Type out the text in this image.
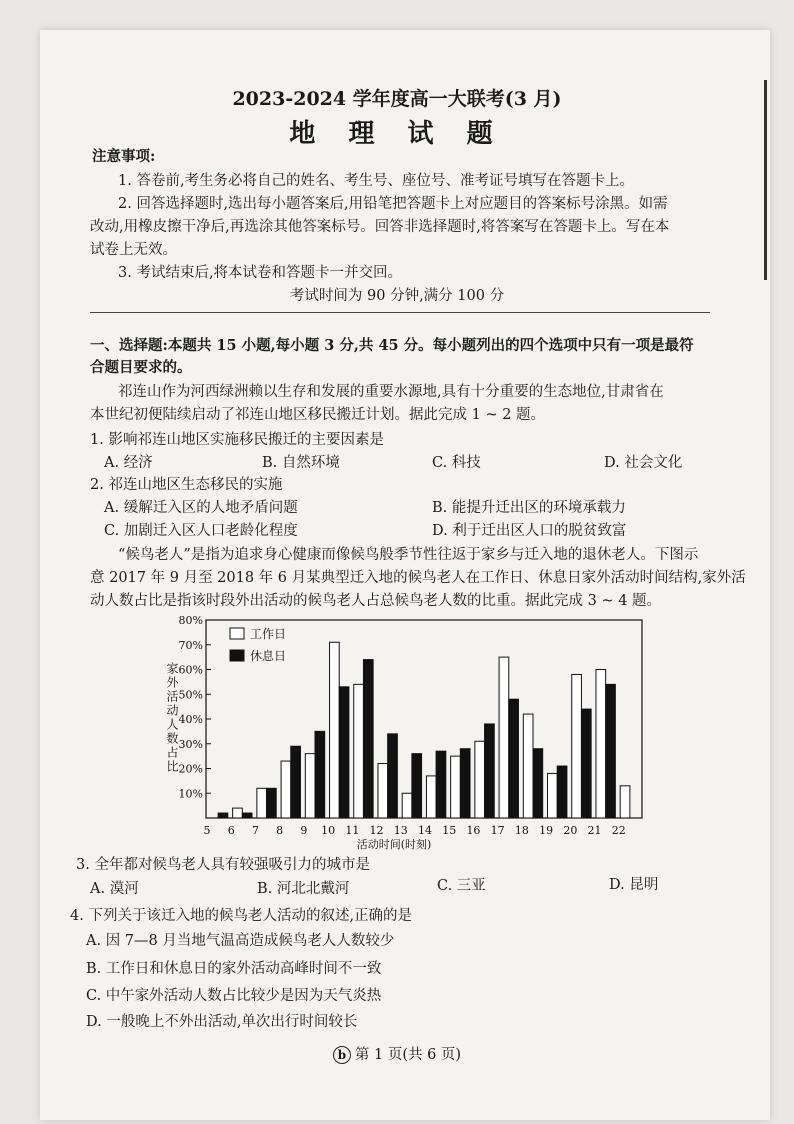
2023-2024 学年度高一大联考(3 月)
地 理 试 题
注意事项:
1. 答卷前,考生务必将自己的姓名、考生号、座位号、准考证号填写在答题卡上。
2. 回答选择题时,选出每小题答案后,用铅笔把答题卡上对应题目的答案标号涂黑。如需
改动,用橡皮擦干净后,再选涂其他答案标号。回答非选择题时,将答案写在答题卡上。写在本
试卷上无效。
3. 考试结束后,将本试卷和答题卡一并交回。
考试时间为 90 分钟,满分 100 分
一、选择题:本题共 15 小题,每小题 3 分,共 45 分。每小题列出的四个选项中只有一项是最符
合题目要求的。
祁连山作为河西绿洲赖以生存和发展的重要水源地,具有十分重要的生态地位,甘肃省在
本世纪初便陆续启动了祁连山地区移民搬迁计划。据此完成 1 ~ 2 题。
1. 影响祁连山地区实施移民搬迁的主要因素是
A. 经济	B. 自然环境	C. 科技	D. 社会文化
2. 祁连山地区生态移民的实施
A. 缓解迁入区的人地矛盾问题	B. 能提升迁出区的环境承载力
C. 加剧迁入区人口老龄化程度	D. 利于迁出区人口的脱贫致富
“候鸟老人”是指为追求身心健康而像候鸟般季节性往返于家乡与迁入地的退休老人。下图示
意 2017 年 9 月至 2018 年 6 月某典型迁入地的候鸟老人在工作日、休息日家外活动时间结构,家外活
动人数占比是指该时段外出活动的候鸟老人占总候鸟老人数的比重。据此完成 3 ~ 4 题。
10%
20%
30%
40%
50%
60%
70%
80%
家外活动人数占比
5 6 7 8 9 10 11 12 13 14 15 16 17 18 19 20 21 22
活动时间(时刻)
工作日
休息日
3. 全年都对候鸟老人具有较强吸引力的城市是
A. 漠河	B. 河北北戴河	C. 三亚	D. 昆明
4. 下列关于该迁入地的候鸟老人活动的叙述,正确的是
A. 因 7—8 月当地气温高造成候鸟老人人数较少
B. 工作日和休息日的家外活动高峰时间不一致
C. 中午家外活动人数占比较少是因为天气炎热
D. 一般晚上不外出活动,单次出行时间较长
b 第 1 页(共 6 页)
